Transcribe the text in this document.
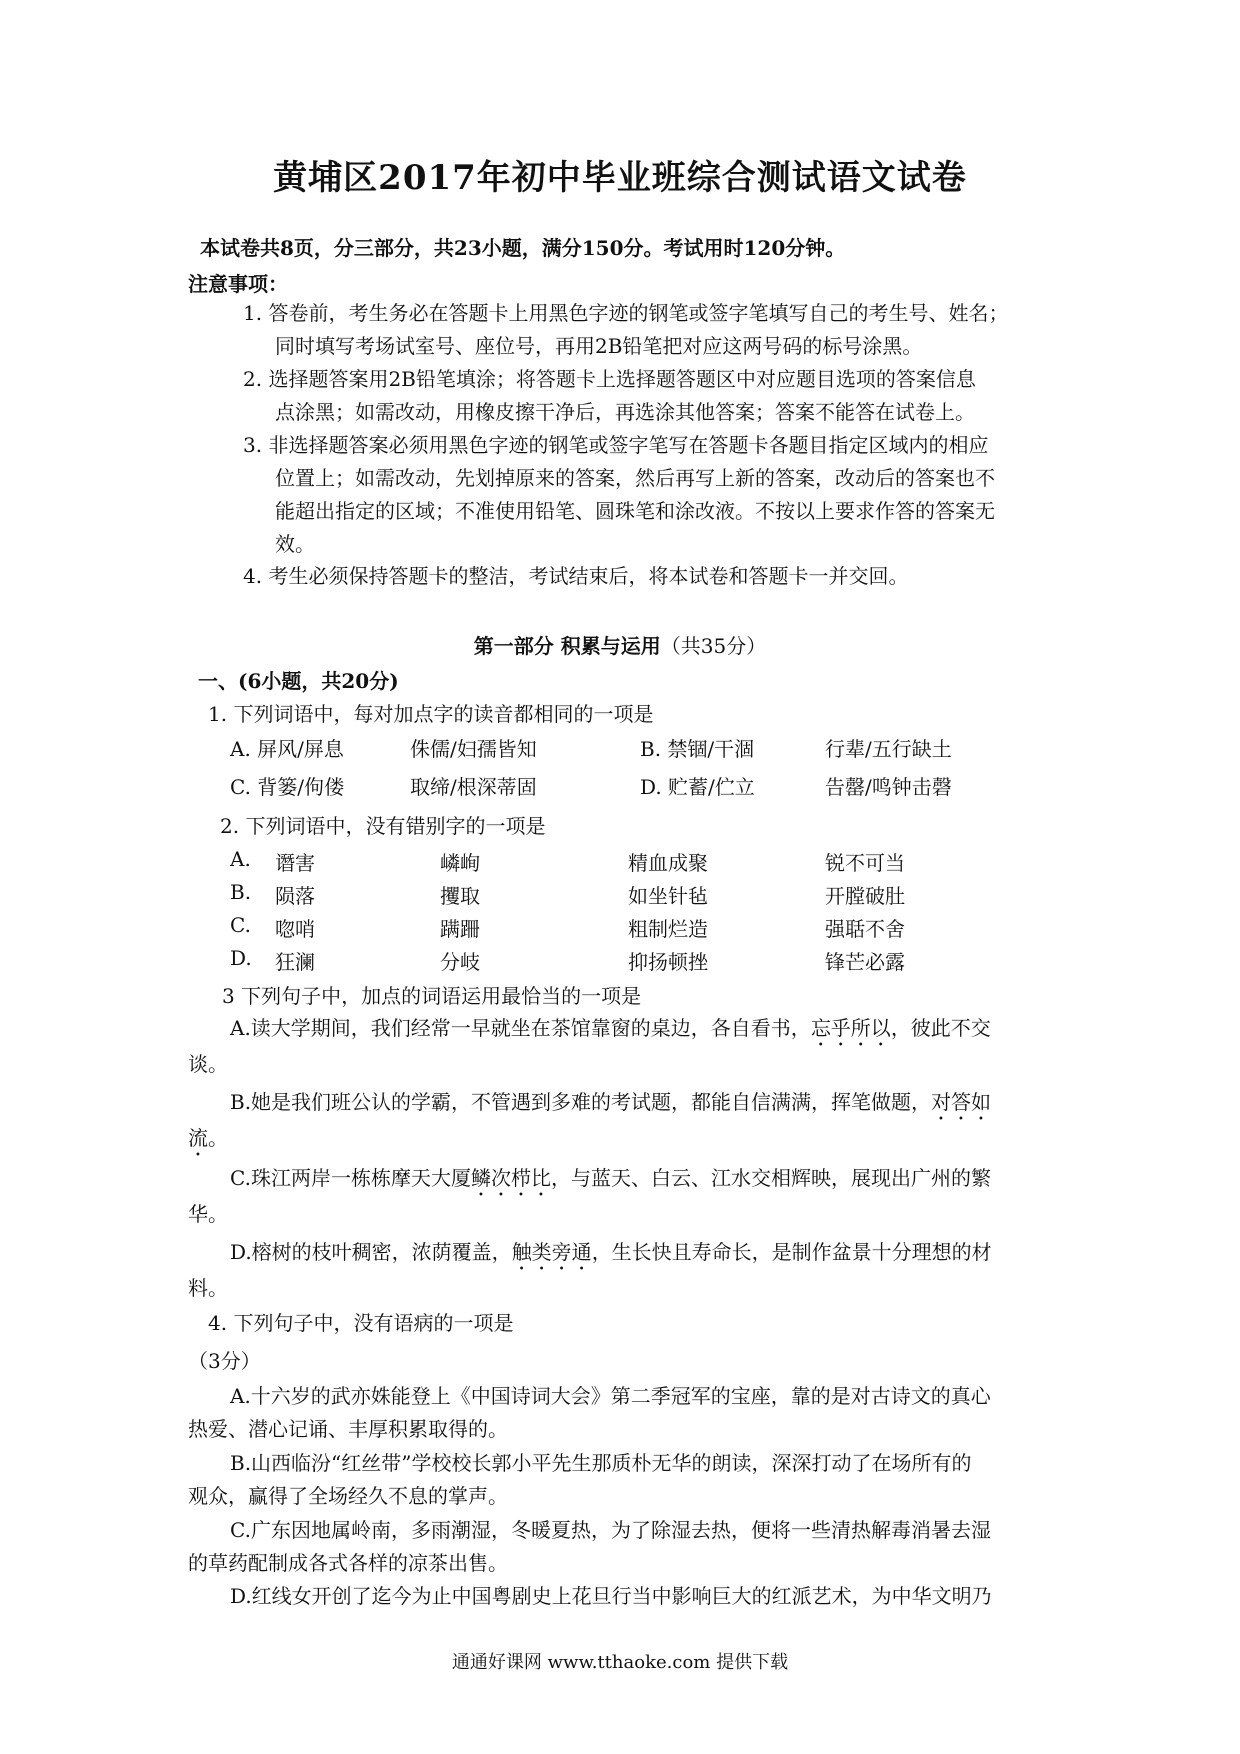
黄埔区2017年初中毕业班综合测试语文试卷
本试卷共8页，分三部分，共23小题，满分150分。考试用时120分钟。
注意事项：
1. 答卷前，考生务必在答题卡上用黑色字迹的钢笔或签字笔填写自己的考生号、姓名；
同时填写考场试室号、座位号，再用2B铅笔把对应这两号码的标号涂黑。
2. 选择题答案用2B铅笔填涂；将答题卡上选择题答题区中对应题目选项的答案信息
点涂黑；如需改动，用橡皮擦干净后，再选涂其他答案；答案不能答在试卷上。
3. 非选择题答案必须用黑色字迹的钢笔或签字笔写在答题卡各题目指定区域内的相应
位置上；如需改动，先划掉原来的答案，然后再写上新的答案，改动后的答案也不
能超出指定的区域；不准使用铅笔、圆珠笔和涂改液。不按以上要求作答的答案无
效。
4. 考生必须保持答题卡的整洁，考试结束后，将本试卷和答题卡一并交回。
第一部分 积累与运用（共35分）
一、(6小题，共20分)
1. 下列词语中，每对加点字的读音都相同的一项是
A. 屏风/屏息	侏儒/妇孺皆知	B. 禁锢/干涸	行辈/五行缺土
C. 背篓/佝偻	取缔/根深蒂固	D. 贮蓄/伫立	告罄/鸣钟击磬
2. 下列词语中，没有错别字的一项是
A. 谮害	嶙峋	精血成聚	锐不可当
B. 陨落	攫取	如坐针毡	开膛破肚
C. 唿哨	蹒跚	粗制烂造	强聒不舍
D. 狂澜	分岐	抑扬顿挫	锋芒必露
3 下列句子中，加点的词语运用最恰当的一项是
A.读大学期间，我们经常一早就坐在茶馆靠窗的桌边，各自看书，忘乎所以，彼此不交
谈。
B.她是我们班公认的学霸，不管遇到多难的考试题，都能自信满满，挥笔做题，对答如
流。
C.珠江两岸一栋栋摩天大厦鳞次栉比，与蓝天、白云、江水交相辉映，展现出广州的繁
华。
D.榕树的枝叶稠密，浓荫覆盖，触类旁通，生长快且寿命长，是制作盆景十分理想的材
料。
4. 下列句子中，没有语病的一项是
（3分）
A.十六岁的武亦姝能登上《中国诗词大会》第二季冠军的宝座，靠的是对古诗文的真心
热爱、潜心记诵、丰厚积累取得的。
B.山西临汾“红丝带”学校校长郭小平先生那质朴无华的朗读，深深打动了在场所有的
观众，赢得了全场经久不息的掌声。
C.广东因地属岭南，多雨潮湿，冬暖夏热，为了除湿去热，便将一些清热解毒消暑去湿
的草药配制成各式各样的凉茶出售。
D.红线女开创了迄今为止中国粤剧史上花旦行当中影响巨大的红派艺术，为中华文明乃
通通好课网 www.tthaoke.com 提供下载
